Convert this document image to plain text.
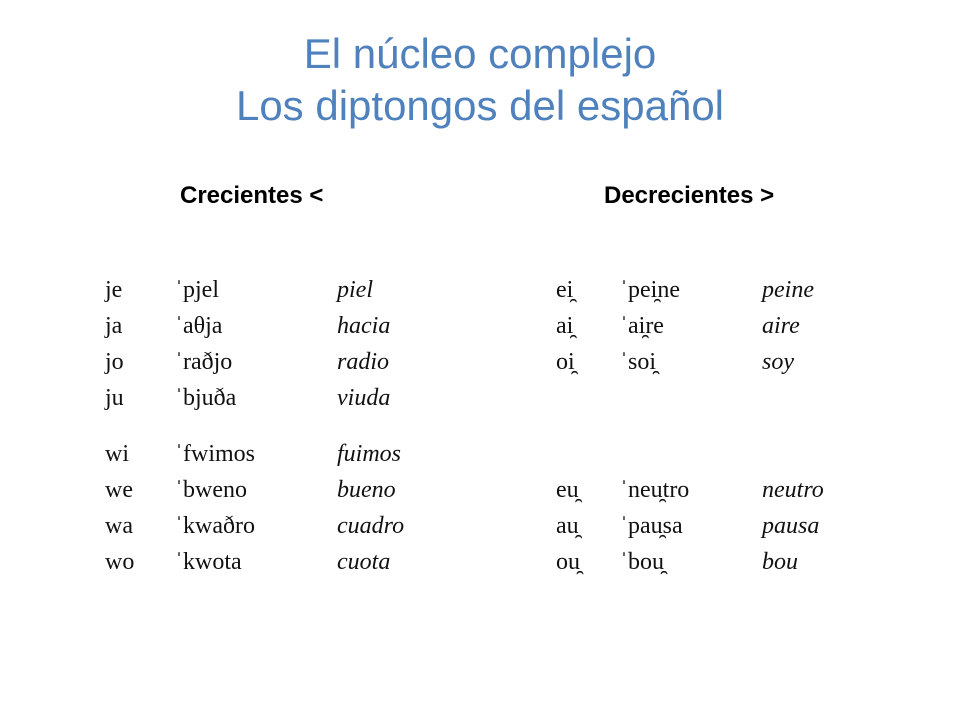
El núcleo complejo
Los diptongos del español
Crecientes <	Decrecientes >
je ˈpjel	piel
ja ˈaθja	hacia
jo ˈraðjo	radio
ju ˈbjuða	viuda
wi ˈfwimos	fuimos
we ˈbweno	bueno
wa ˈkwaðro	cuadro
wo ˈkwota	cuota
ei̯ ˈpei̯ne	peine
ai̯ ˈai̯re	aire
oi̯ ˈsoi̯	soy
eu̯ ˈneu̯tro	neutro
au̯ ˈpau̯sa	pausa
ou̯ ˈbou̯	bou
